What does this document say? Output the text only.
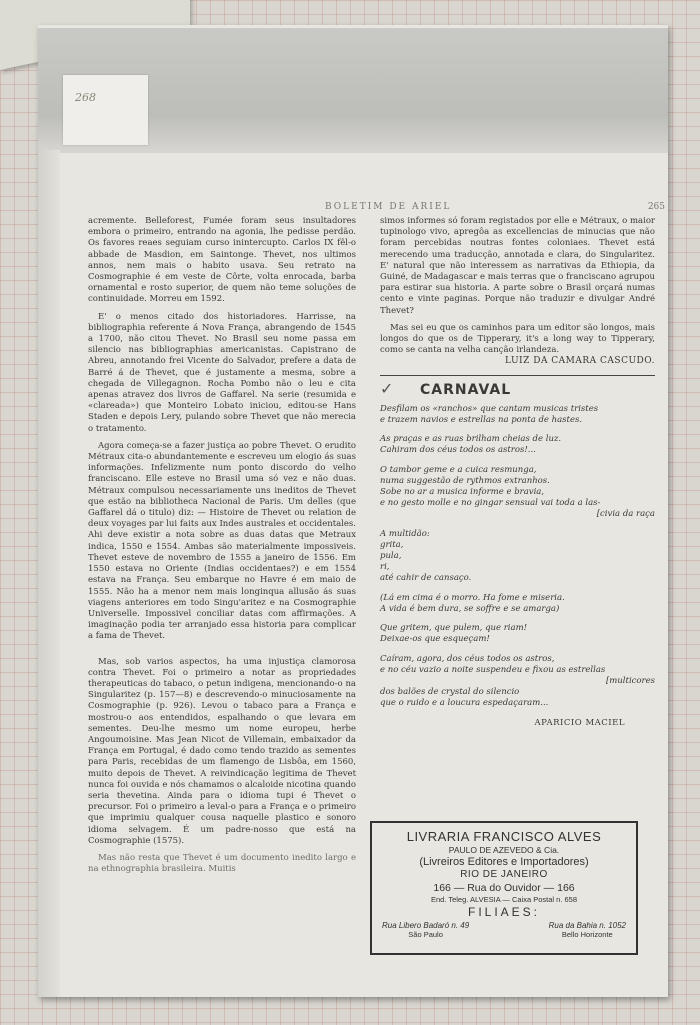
268
BOLETIM DE ARIEL	265

acremente. Belleforest, Fumée foram seus insultadores embora o primeiro, entrando na agonia, lhe pedisse perdão. Os favores reaes seguiam curso inintercupto. Carlos IX fêl-o abbade de Masdion, em Saintonge. Thevet, nos ultimos annos, nem mais o habito usava. Seu retrato na Cosmographie é em veste de Côrte, volta enrocada, barba ornamental e rosto superior, de quem não teme soluções de continuidade. Morreu em 1592.

E' o menos citado dos historiadores. Harrisse, na bibliographia referente á Nova França, abrangendo de 1545 a 1700, não citou Thevet. No Brasil seu nome passa em silencio nas bibliographias americanistas. Capistrano de Abreu, annotando frei Vicente do Salvador, prefere a data de Barré á de Thevet, que é justamente a mesma, sobre a chegada de Villegagnon. Rocha Pombo não o leu e cita apenas atravez dos livros de Gaffarel. Na serie (resumida e «clareada») que Monteiro Lobato iniciou, editou-se Hans Staden e depois Lery, pulando sobre Thevet que não merecia o tratamento.

Agora começa-se a fazer justiça ao pobre Thevet. O erudito Métraux cita-o abundantemente e escreveu um elogio ás suas informações. Infelizmente num ponto discordo do velho franciscano. Elle esteve no Brasil uma só vez e não duas. Métraux compulsou necessariamente uns ineditos de Thevet que estão na bibliotheca Nacional de Paris. Um delles (que Gaffarel dá o titulo) diz: — Histoire de Thevet ou relation de deux voyages par lui faits aux Indes australes et occidentales. Ahi deve existir a nota sobre as duas datas que Metraux indica, 1550 e 1554. Ambas são materialmente impossiveis. Thevet esteve de novembro de 1555 a janeiro de 1556. Em 1550 estava no Oriente (Indias occidentaes?) e em 1554 estava na França. Seu embarque no Havre é em maio de 1555. Não ha a menor nem mais longinqua allusão ás suas viagens anteriores em todo Singu'aritez e na Cosmographie Universelle. Impossivel conciliar datas com affirmações. A imaginação podia ter arranjado essa historia para complicar a fama de Thevet.

Mas, sob varios aspectos, ha uma injustiça clamorosa contra Thevet. Foi o primeiro a notar as propriedades therapeuticas do tabaco, o petun indigena, mencionando-o na Singularitez (p. 157—8) e descrevendo-o minuciosamente na Cosmographie (p. 926). Levou o tabaco para a França e mostrou-o aos entendidos, espalhando o que levara em sementes. Deu-lhe mesmo um nome europeu, herbe Angoumoisine. Mas Jean Nicot de Villemain, embaixador da França em Portugal, é dado como tendo trazido as sementes para Paris, recebidas de um flamengo de Lisbôa, em 1560, muito depois de Thevet. A reivindicação legitima de Thevet nunca foi ouvida e nós chamamos o alcaloide nicotina quando seria thevetina. Ainda para o idioma tupi é Thevet o precursor. Foi o primeiro a leval-o para a França e o primeiro que imprimiu qualquer cousa naquelle plastico e sonoro idioma selvagem. É um padre-nosso que está na Cosmographie (1575).

Mas não resta que Thevet é um documento inedito largo e na ethnographia brasileira. Muitis

simos informes só foram registados por elle e Métraux, o maior tupinologo vivo, apregôa as excellencias de minucias que não foram percebidas noutras fontes coloniaes. Thevet está merecendo uma traducção, annotada e clara, do Singularitez. E' natural que não interessem as narrativas da Ethiopia, da Guiné, de Madagascar e mais terras que o franciscano agrupou para estirar sua historia. A parte sobre o Brasil orçará numas cento e vinte paginas. Porque não traduzir e divulgar André Thevet?

Mas sei eu que os caminhos para um editor são longos, mais longos do que os de Tipperary, it's a long way to Tipperary, como se canta na velha canção irlandeza.

LUIZ DA CAMARA CASCUDO.

✓ CARNAVAL
Desfilam os «ranchos» que cantam musicas tristes
e trazem navios e estrellas na ponta de hastes.
As praças e as ruas brilham cheias de luz.
Cahiram dos céus todos os astros!...
O tambor geme e a cuica resmunga,
numa suggestão de rythmos extranhos.
Sobe no ar a musica informe e bravia,
e no gesto molle e no gingar sensual vai toda a las-
[civia da raça
A multidão:
grita,
pula,
ri,
até cahir de cansaço.
(Lá em cima é o morro. Ha fome e miseria.
A vida é bem dura, se soffre e se amarga)
Que gritem, que pulem, que riam!
Deixae-os que esqueçam!
Caíram, agora, dos céus todos os astros,
e no céu vazio a noite suspendeu e fixou as estrellas
[multicores
dos balões de crystal do silencio
que o ruido e a loucura espedaçaram...
APARICIO MACIEL
LIVRARIA FRANCISCO ALVES
PAULO DE AZEVEDO & Cia.
(Livreiros Editores e Importadores)
RIO DE JANEIRO
166 — Rua do Ouvidor — 166
End. Teleg. ALVESIA — Caixa Postal n. 658
FILIAES:
Rua Libero Badaró n. 49
São Paulo
Rua da Bahia n. 1052
Bello Horizonte
